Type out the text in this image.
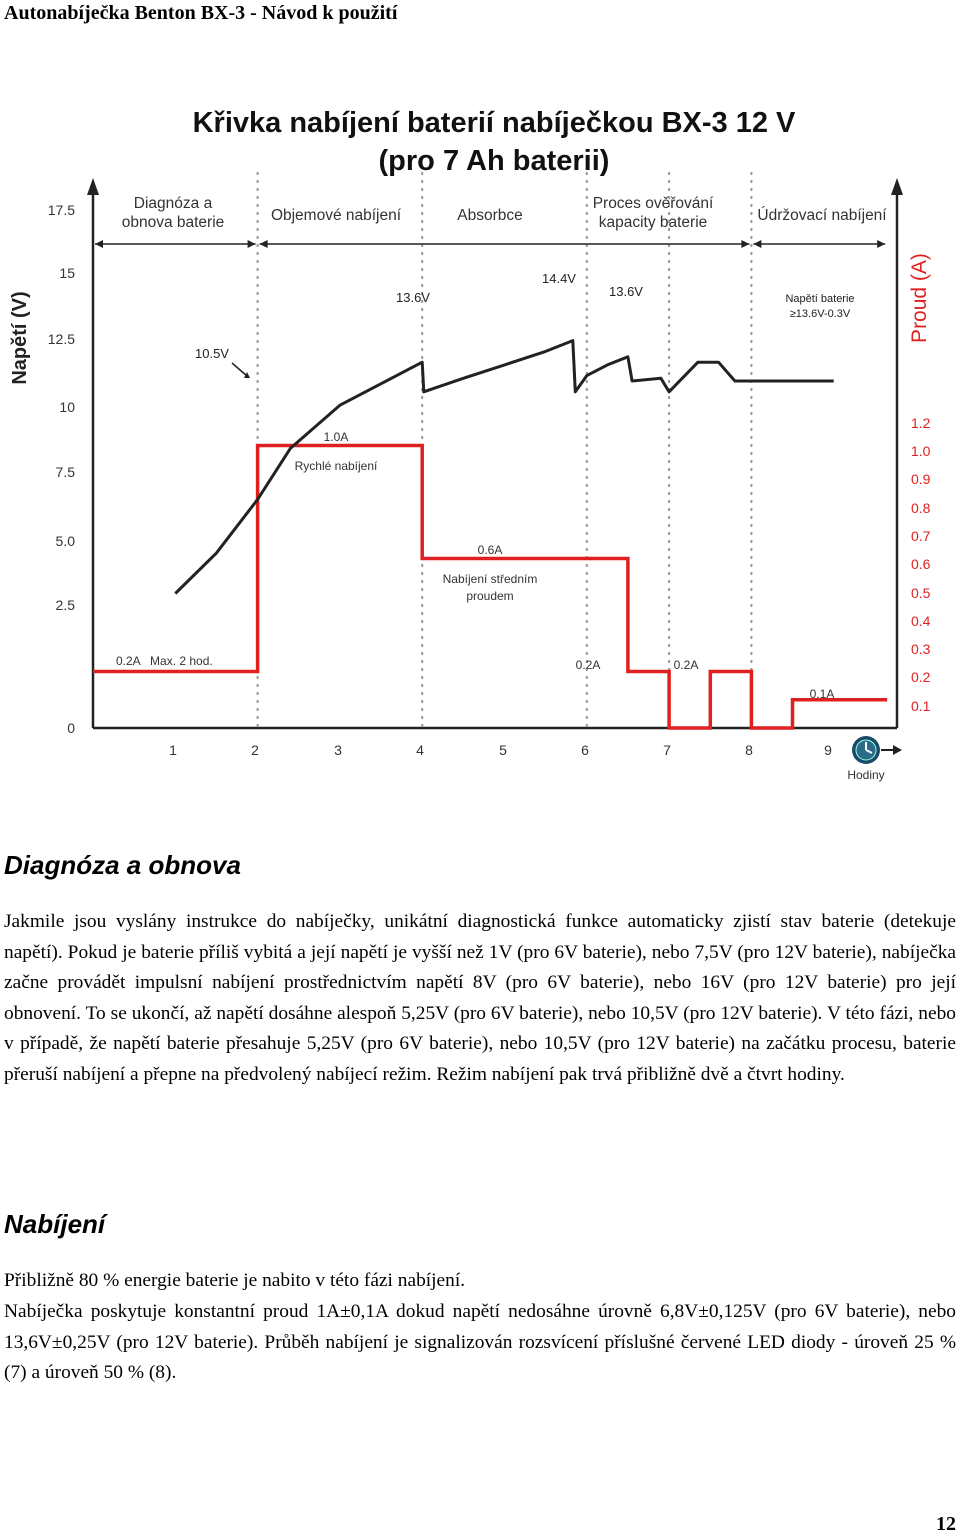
Autonabíječka Benton BX-3 - Návod k použití
Křivka nabíjení baterií nabíječkou BX-3 12 V
(pro 7 Ah baterii)
Napětí (V)	Proud (A)
Diagnóza a
obnova baterie	Objemové nabíjení	Absorbce
Proces ověřování
kapacity baterie	Údržovací nabíjení
0
2.5
5.0
7.5
10
12.5
15
17.5
0.1
0.2
0.3
0.4
0.5
0.6
0.7
0.8
0.9
1.0
1.2
1	2	3	4	5	6	7	8	9
Hodiny
10.5V
13.6V
14.4V
13.6V	Napětí baterie
≥13.6V-0.3V
0.2A   Max. 2 hod.
1.0A
Rychlé nabíjení
0.6A
Nabíjení středním
proudem
0.2A	0.2A
0.1A
Diagnóza a obnova

Jakmile jsou vyslány instrukce do nabíječky, unikátní diagnostická funkce automaticky zjistí stav baterie (detekuje napětí). Pokud je baterie příliš vybitá a její napětí je vyšší než 1V (pro 6V baterie), nebo 7,5V (pro 12V baterie), nabíječka začne provádět impulsní nabíjení prostřednictvím napětí 8V (pro 6V baterie), nebo 16V (pro 12V baterie) pro její obnovení. To se ukončí, až napětí dosáhne alespoň 5,25V (pro 6V baterie), nebo 10,5V (pro 12V baterie). V této fázi, nebo v případě, že napětí baterie přesahuje 5,25V (pro 6V baterie), nebo 10,5V (pro 12V baterie) na začátku procesu, baterie přeruší nabíjení a přepne na předvolený nabíjecí režim. Režim nabíjení pak trvá přibližně dvě a čtvrt hodiny.

Nabíjení

Přibližně 80 % energie baterie je nabito v této fázi nabíjení.

Nabíječka poskytuje konstantní proud 1A±0,1A dokud napětí nedosáhne úrovně 6,8V±0,125V (pro 6V baterie), nebo 13,6V±0,25V (pro 12V baterie). Průběh nabíjení je signalizován rozsvícení příslušné červené LED diody - úroveň 25 % (7) a úroveň 50 % (8).

12
